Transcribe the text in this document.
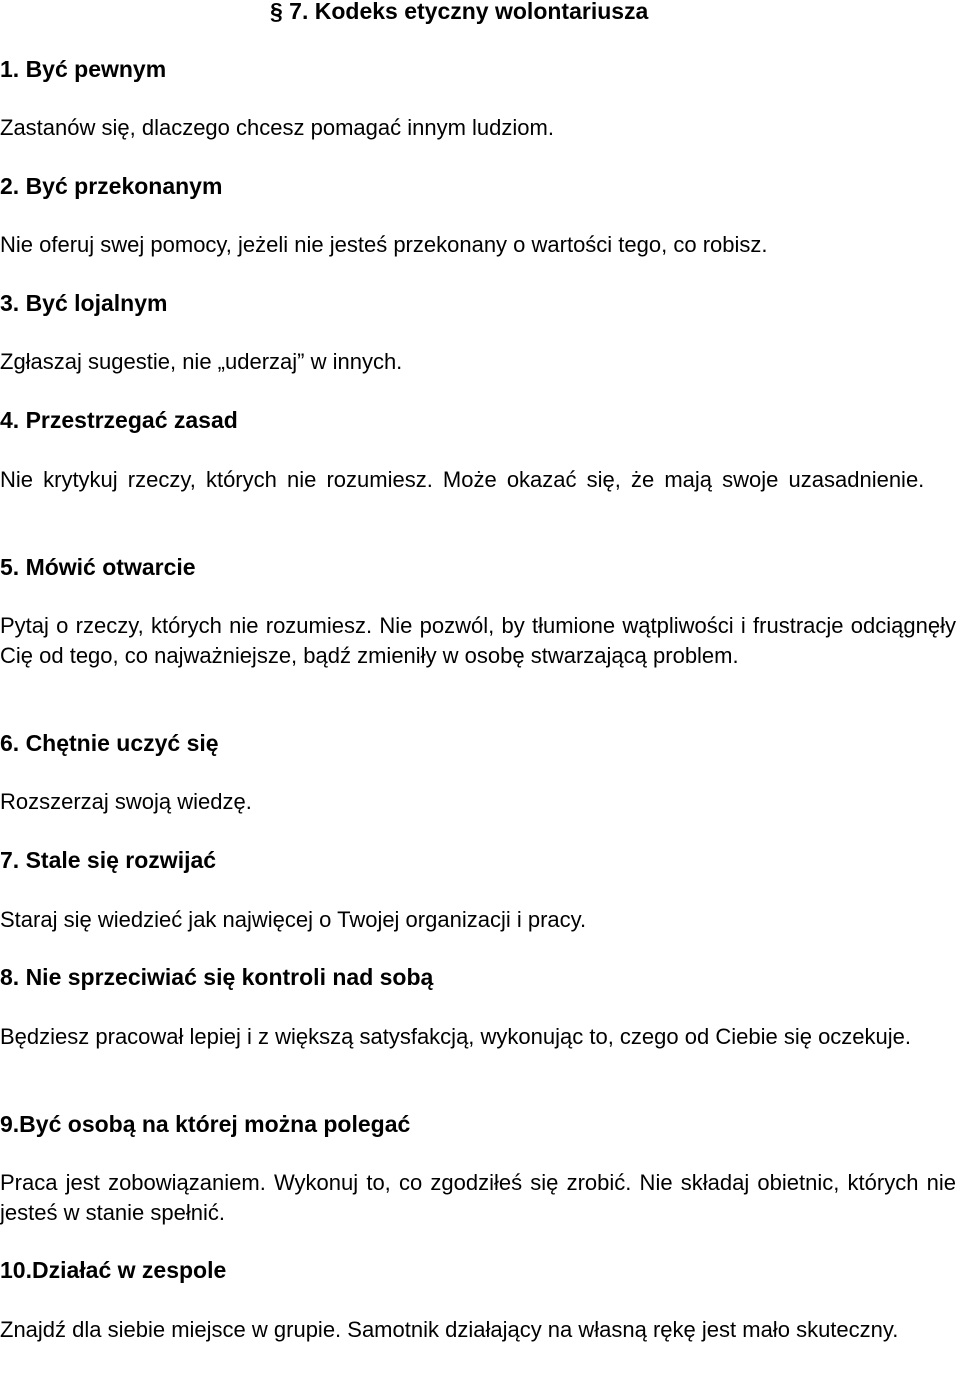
§ 7. Kodeks etyczny wolontariusza
1. Być pewnym

Zastanów się, dlaczego chcesz pomagać innym ludziom.

2. Być przekonanym

Nie oferuj swej pomocy, jeżeli nie jesteś przekonany o wartości tego, co robisz.

3. Być lojalnym

Zgłaszaj sugestie, nie „uderzaj” w innych.

4. Przestrzegać zasad

Nie krytykuj rzeczy, których nie rozumiesz. Może okazać się, że mają swoje uzasadnienie.

5. Mówić otwarcie

Pytaj o rzeczy, których nie rozumiesz. Nie pozwól, by tłumione wątpliwości i frustracje odciągnęły Cię od tego, co najważniejsze, bądź zmieniły w osobę stwarzającą problem.

6. Chętnie uczyć się

Rozszerzaj swoją wiedzę.

7. Stale się rozwijać

Staraj się wiedzieć jak najwięcej o Twojej organizacji i pracy.

8. Nie sprzeciwiać się kontroli nad sobą

Będziesz pracował lepiej i z większą satysfakcją, wykonując to, czego od Ciebie się oczekuje.

9.Być osobą na której można polegać

Praca jest zobowiązaniem. Wykonuj to, co zgodziłeś się zrobić. Nie składaj obietnic, których nie jesteś w stanie spełnić.

10.Działać w zespole

Znajdź dla siebie miejsce w grupie. Samotnik działający na własną rękę jest mało skuteczny.
